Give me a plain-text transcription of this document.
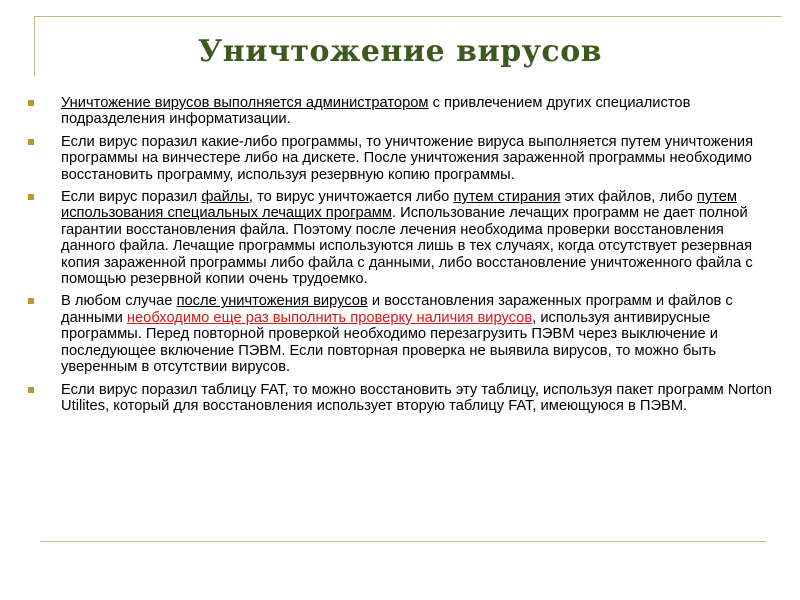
Уничтожение вирусов
Уничтожение вирусов выполняется администратором с привлечением других специалистов подразделения информатизации.
Если вирус поразил какие-либо программы, то уничтожение вируса выполняется путем уничтожения программы на винчестере либо на дискете. После уничтожения зараженной программы необходимо восстановить программу, используя резервную копию программы.
Если вирус поразил файлы, то вирус уничтожается либо путем стирания этих файлов, либо путем использования специальных лечащих программ. Использование лечащих программ не дает полной гарантии восстановления файла. Поэтому после лечения необходима проверки восстановления данного файла. Лечащие программы используются лишь в тех случаях, когда отсутствует резервная копия зараженной программы либо файла с данными, либо восстановление уничтоженного файла с помощью резервной копии очень трудоемко.
В любом случае после уничтожения вирусов и восстановления зараженных программ и файлов с данными необходимо еще раз выполнить проверку наличия вирусов, используя антивирусные программы. Перед повторной проверкой необходимо перезагрузить ПЭВМ через выключение и последующее включение ПЭВМ. Если повторная проверка не выявила вирусов, то можно быть уверенным в отсутствии вирусов.
Если вирус поразил таблицу FAT, то можно восстановить эту таблицу, используя пакет программ Norton Utilites, который для восстановления использует вторую таблицу FAT, имеющуюся в ПЭВМ.
